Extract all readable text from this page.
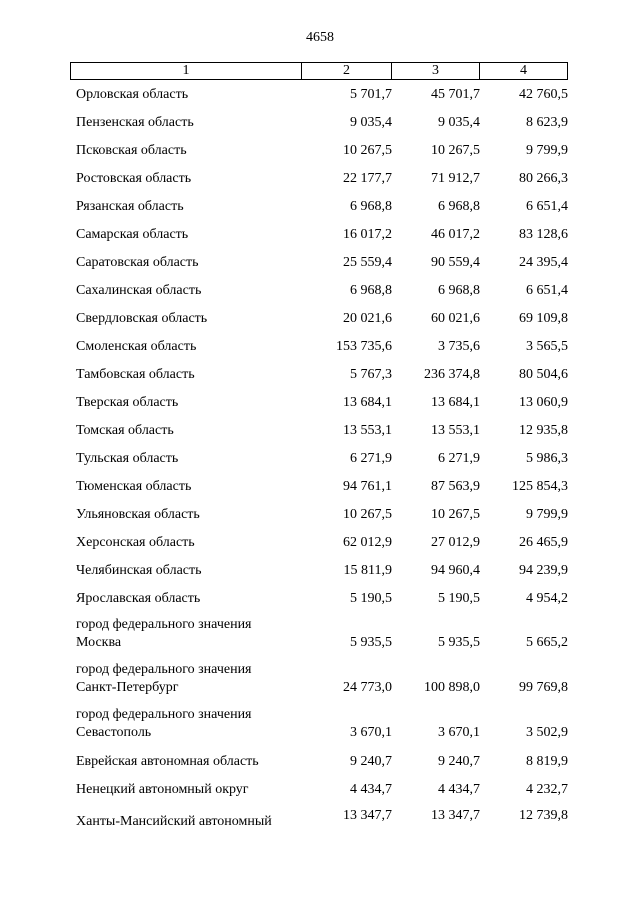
4658
1	2	3	4
Орловская область	5 701,7	45 701,7	42 760,5
Пензенская область	9 035,4	9 035,4	8 623,9
Псковская область	10 267,5	10 267,5	9 799,9
Ростовская область	22 177,7	71 912,7	80 266,3
Рязанская область	6 968,8	6 968,8	6 651,4
Самарская область	16 017,2	46 017,2	83 128,6
Саратовская область	25 559,4	90 559,4	24 395,4
Сахалинская область	6 968,8	6 968,8	6 651,4
Свердловская область	20 021,6	60 021,6	69 109,8
Смоленская область	153 735,6	3 735,6	3 565,5
Тамбовская область	5 767,3	236 374,8	80 504,6
Тверская область	13 684,1	13 684,1	13 060,9
Томская область	13 553,1	13 553,1	12 935,8
Тульская область	6 271,9	6 271,9	5 986,3
Тюменская область	94 761,1	87 563,9	125 854,3
Ульяновская область	10 267,5	10 267,5	9 799,9
Херсонская область	62 012,9	27 012,9	26 465,9
Челябинская область	15 811,9	94 960,4	94 239,9
Ярославская область	5 190,5	5 190,5	4 954,2
город федерального значения
Москва	5 935,5	5 935,5	5 665,2
город федерального значения
Санкт-Петербург	24 773,0	100 898,0	99 769,8
город федерального значения
Севастополь	3 670,1	3 670,1	3 502,9
Еврейская автономная область	9 240,7	9 240,7	8 819,9
Ненецкий автономный округ	4 434,7	4 434,7	4 232,7
Ханты-Мансийский автономный	13 347,7	13 347,7	12 739,8
